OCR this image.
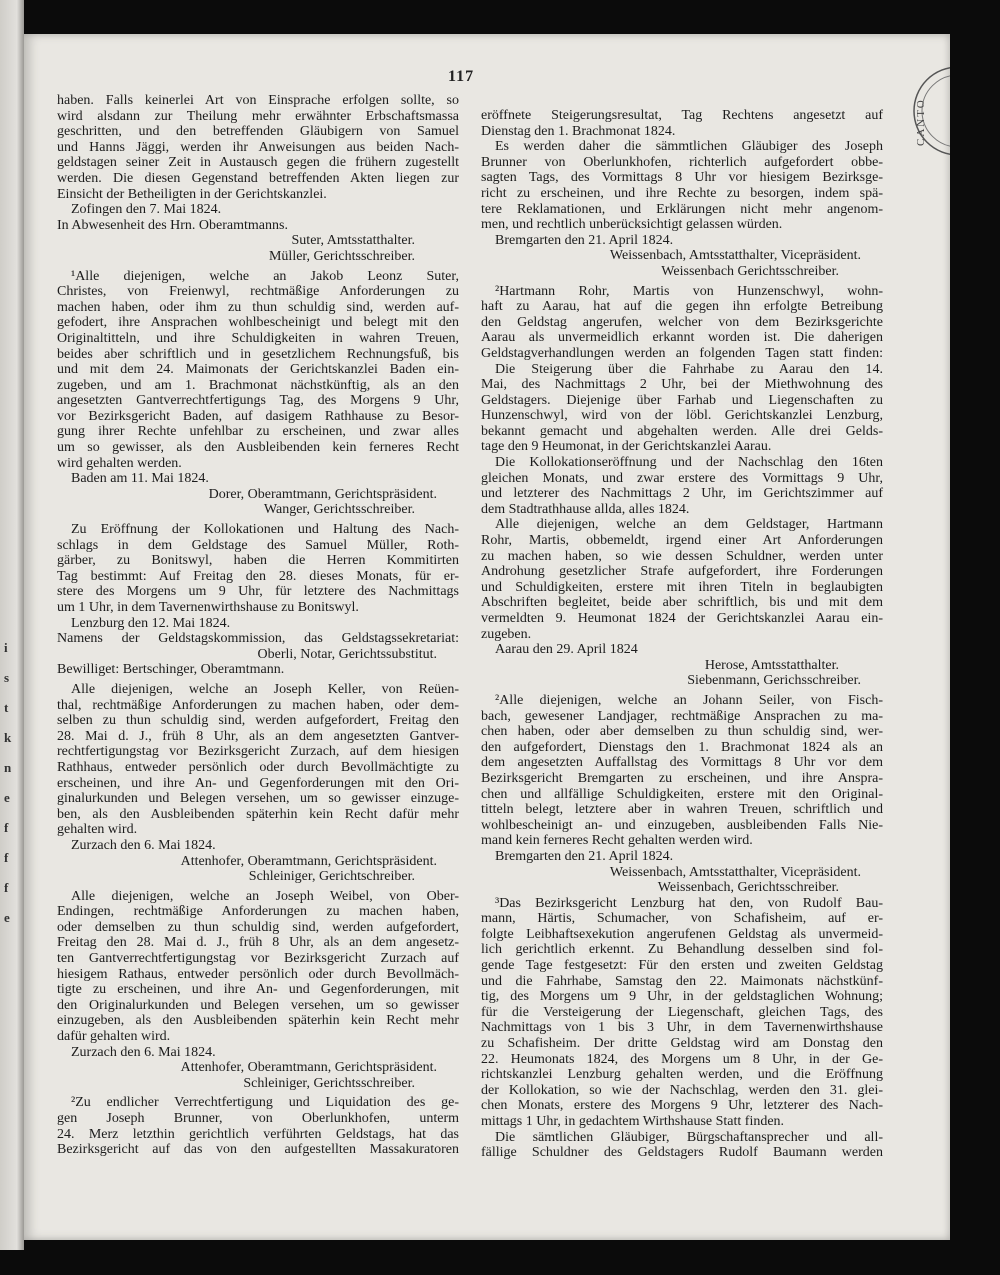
i
s
t
k
n
e
f
f
f
e
117
CANTO
haben. Falls keinerlei Art von Einsprache erfolgen sollte, so
wird alsdann zur Theilung mehr erwähnter Erbschaftsmassa
geschritten, und den betreffenden Gläubigern von Samuel
und Hanns Jäggi, werden ihr Anweisungen aus beiden Nach-
geldstagen seiner Zeit in Austausch gegen die frühern zugestellt
werden. Die diesen Gegenstand betreffenden Akten liegen zur
Einsicht der Betheiligten in der Gerichtskanzlei.
Zofingen den 7. Mai 1824.
In Abwesenheit des Hrn. Oberamtmanns.
Suter, Amtsstatthalter.
Müller, Gerichtsschreiber.
¹Alle diejenigen, welche an Jakob Leonz Suter,
Christes, von Freienwyl, rechtmäßige Anforderungen zu
machen haben, oder ihm zu thun schuldig sind, werden auf-
gefodert, ihre Ansprachen wohlbescheinigt und belegt mit den
Originaltitteln, und ihre Schuldigkeiten in wahren Treuen,
beides aber schriftlich und in gesetzlichem Rechnungsfuß, bis
und mit dem 24. Maimonats der Gerichtskanzlei Baden ein-
zugeben, und am 1. Brachmonat nächstkünftig, als an den
angesetzten Gantverrechtfertigungs Tag, des Morgens 9 Uhr,
vor Bezirksgericht Baden, auf dasigem Rathhause zu Besor-
gung ihrer Rechte unfehlbar zu erscheinen, und zwar alles
um so gewisser, als den Ausbleibenden kein ferneres Recht
wird gehalten werden.
Baden am 11. Mai 1824.
Dorer, Oberamtmann, Gerichtspräsident.
Wanger, Gerichtsschreiber.
Zu Eröffnung der Kollokationen und Haltung des Nach-
schlags in dem Geldstage des Samuel Müller, Roth-
gärber, zu Bonitswyl, haben die Herren Kommitirten
Tag bestimmt: Auf Freitag den 28. dieses Monats, für er-
stere des Morgens um 9 Uhr, für letztere des Nachmittags
um 1 Uhr, in dem Tavernenwirthshause zu Bonitswyl.
Lenzburg den 12. Mai 1824.
Namens der Geldstagskommission, das Geldstagssekretariat:
Oberli, Notar, Gerichtssubstitut.
Bewilliget: Bertschinger, Oberamtmann.
Alle diejenigen, welche an Joseph Keller, von Reüen-
thal, rechtmäßige Anforderungen zu machen haben, oder dem-
selben zu thun schuldig sind, werden aufgefordert, Freitag den
28. Mai d. J., früh 8 Uhr, als an dem angesetzten Gantver-
rechtfertigungstag vor Bezirksgericht Zurzach, auf dem hiesigen
Rathhaus, entweder persönlich oder durch Bevollmächtigte zu
erscheinen, und ihre An- und Gegenforderungen mit den Ori-
ginalurkunden und Belegen versehen, um so gewisser einzuge-
ben, als den Ausbleibenden späterhin kein Recht dafür mehr
gehalten wird.
Zurzach den 6. Mai 1824.
Attenhofer, Oberamtmann, Gerichtspräsident.
Schleiniger, Gerichtschreiber.
Alle diejenigen, welche an Joseph Weibel, von Ober-
Endingen, rechtmäßige Anforderungen zu machen haben,
oder demselben zu thun schuldig sind, werden aufgefordert,
Freitag den 28. Mai d. J., früh 8 Uhr, als an dem angesetz-
ten Gantverrechtfertigungstag vor Bezirksgericht Zurzach auf
hiesigem Rathaus, entweder persönlich oder durch Bevollmäch-
tigte zu erscheinen, und ihre An- und Gegenforderungen, mit
den Originalurkunden und Belegen versehen, um so gewisser
einzugeben, als den Ausbleibenden späterhin kein Recht mehr
dafür gehalten wird.
Zurzach den 6. Mai 1824.
Attenhofer, Oberamtmann, Gerichtspräsident.
Schleiniger, Gerichtsschreiber.
²Zu endlicher Verrechtfertigung und Liquidation des ge-
gen Joseph Brunner, von Oberlunkhofen, unterm
24. Merz letzthin gerichtlich verführten Geldstags, hat das
Bezirksgericht auf das von den aufgestellten Massakuratoren
eröffnete Steigerungsresultat, Tag Rechtens angesetzt auf
Dienstag den 1. Brachmonat 1824.
Es werden daher die sämmtlichen Gläubiger des Joseph
Brunner von Oberlunkhofen, richterlich aufgefordert obbe-
sagten Tags, des Vormittags 8 Uhr vor hiesigem Bezirksge-
richt zu erscheinen, und ihre Rechte zu besorgen, indem spä-
tere Reklamationen, und Erklärungen nicht mehr angenom-
men, und rechtlich unberücksichtigt gelassen würden.
Bremgarten den 21. April 1824.
Weissenbach, Amtsstatthalter, Vicepräsident.
Weissenbach Gerichtsschreiber.
²Hartmann Rohr, Martis von Hunzenschwyl, wohn-
haft zu Aarau, hat auf die gegen ihn erfolgte Betreibung
den Geldstag angerufen, welcher von dem Bezirksgerichte
Aarau als unvermeidlich erkannt worden ist. Die daherigen
Geldstagverhandlungen werden an folgenden Tagen statt finden:
Die Steigerung über die Fahrhabe zu Aarau den 14.
Mai, des Nachmittags 2 Uhr, bei der Miethwohnung des
Geldstagers. Diejenige über Farhab und Liegenschaften zu
Hunzenschwyl, wird von der löbl. Gerichtskanzlei Lenzburg,
bekannt gemacht und abgehalten werden. Alle drei Gelds-
tage den 9 Heumonat, in der Gerichtskanzlei Aarau.
Die Kollokationseröffnung und der Nachschlag den 16ten
gleichen Monats, und zwar erstere des Vormittags 9 Uhr,
und letzterer des Nachmittags 2 Uhr, im Gerichtszimmer auf
dem Stadtrathhause allda, alles 1824.
Alle diejenigen, welche an dem Geldstager, Hartmann
Rohr, Martis, obbemeldt, irgend einer Art Anforderungen
zu machen haben, so wie dessen Schuldner, werden unter
Androhung gesetzlicher Strafe aufgefordert, ihre Forderungen
und Schuldigkeiten, erstere mit ihren Titeln in beglaubigten
Abschriften begleitet, beide aber schriftlich, bis und mit dem
vermeldten 9. Heumonat 1824 der Gerichtskanzlei Aarau ein-
zugeben.
Aarau den 29. April 1824
Herose, Amtsstatthalter.
Siebenmann, Gerichsschreiber.
²Alle diejenigen, welche an Johann Seiler, von Fisch-
bach, gewesener Landjager, rechtmäßige Ansprachen zu ma-
chen haben, oder aber demselben zu thun schuldig sind, wer-
den aufgefordert, Dienstags den 1. Brachmonat 1824 als an
dem angesetzten Auffallstag des Vormittags 8 Uhr vor dem
Bezirksgericht Bremgarten zu erscheinen, und ihre Anspra-
chen und allfällige Schuldigkeiten, erstere mit den Original-
titteln belegt, letztere aber in wahren Treuen, schriftlich und
wohlbescheinigt an- und einzugeben, ausbleibenden Falls Nie-
mand kein ferneres Recht gehalten werden wird.
Bremgarten den 21. April 1824.
Weissenbach, Amtsstatthalter, Vicepräsident.
Weissenbach, Gerichtsschreiber.
³Das Bezirksgericht Lenzburg hat den, von Rudolf Bau-
mann, Härtis, Schumacher, von Schafisheim, auf er-
folgte Leibhaftsexekution angerufenen Geldstag als unvermeid-
lich gerichtlich erkennt. Zu Behandlung desselben sind fol-
gende Tage festgesetzt: Für den ersten und zweiten Geldstag
und die Fahrhabe, Samstag den 22. Maimonats nächstkünf-
tig, des Morgens um 9 Uhr, in der geldstaglichen Wohnung;
für die Versteigerung der Liegenschaft, gleichen Tags, des
Nachmittags von 1 bis 3 Uhr, in dem Tavernenwirthshause
zu Schafisheim. Der dritte Geldstag wird am Donstag den
22. Heumonats 1824, des Morgens um 8 Uhr, in der Ge-
richtskanzlei Lenzburg gehalten werden, und die Eröffnung
der Kollokation, so wie der Nachschlag, werden den 31. glei-
chen Monats, erstere des Morgens 9 Uhr, letzterer des Nach-
mittags 1 Uhr, in gedachtem Wirthshause Statt finden.
Die sämtlichen Gläubiger, Bürgschaftansprecher und all-
fällige Schuldner des Geldstagers Rudolf Baumann werden
